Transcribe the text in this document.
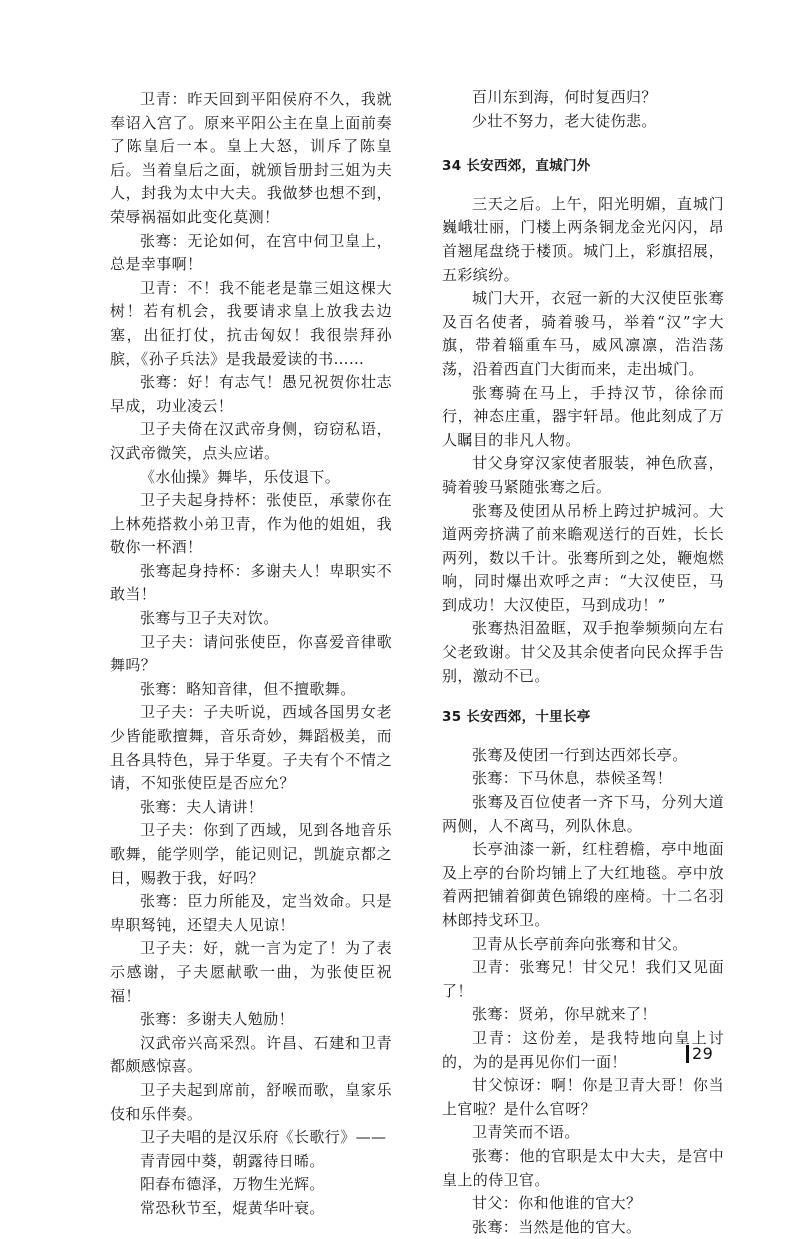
卫青：昨天回到平阳侯府不久，我就奉诏入宫了。原来平阳公主在皇上面前奏了陈皇后一本。皇上大怒，训斥了陈皇后。当着皇后之面，就颁旨册封三姐为夫人，封我为太中大夫。我做梦也想不到，荣辱祸福如此变化莫测！

张骞：无论如何，在宫中伺卫皇上，总是幸事啊！

卫青：不！我不能老是靠三姐这棵大树！若有机会，我要请求皇上放我去边塞，出征打仗，抗击匈奴！我很崇拜孙膑，《孙子兵法》是我最爱读的书……

张骞：好！有志气！愚兄祝贺你壮志早成，功业凌云！

卫子夫倚在汉武帝身侧，窃窃私语，汉武帝微笑，点头应诺。

《水仙操》舞毕，乐伎退下。

卫子夫起身持杯：张使臣，承蒙你在上林苑搭救小弟卫青，作为他的姐姐，我敬你一杯酒！

张骞起身持杯：多谢夫人！卑职实不敢当！

张骞与卫子夫对饮。

卫子夫：请问张使臣，你喜爱音律歌舞吗？

张骞：略知音律，但不擅歌舞。

卫子夫：子夫听说，西域各国男女老少皆能歌擅舞，音乐奇妙，舞蹈极美，而且各具特色，异于华夏。子夫有个不情之请，不知张使臣是否应允？

张骞：夫人请讲！

卫子夫：你到了西域，见到各地音乐歌舞，能学则学，能记则记，凯旋京都之日，赐教于我，好吗？

张骞：臣力所能及，定当效命。只是卑职驽钝，还望夫人见谅！

卫子夫：好，就一言为定了！为了表示感谢，子夫愿献歌一曲，为张使臣祝福！

张骞：多谢夫人勉励！

汉武帝兴高采烈。许昌、石建和卫青都颇感惊喜。

卫子夫起到席前，舒喉而歌，皇家乐伎和乐伴奏。

卫子夫唱的是汉乐府《长歌行》——

青青园中葵，朝露待日晞。

阳春布德泽，万物生光辉。

常恐秋节至，焜黄华叶衰。

百川东到海，何时复西归？

少壮不努力，老大徒伤悲。

34 长安西郊，直城门外

三天之后。上午，阳光明媚，直城门巍峨壮丽，门楼上两条铜龙金光闪闪，昂首翘尾盘绕于楼顶。城门上，彩旗招展，五彩缤纷。

城门大开，衣冠一新的大汉使臣张骞及百名使者，骑着骏马，举着“汉”字大旗，带着辎重车马，威风凛凛，浩浩荡荡，沿着西直门大街而来，走出城门。

张骞骑在马上，手持汉节，徐徐而行，神态庄重，器宇轩昂。他此刻成了万人瞩目的非凡人物。

甘父身穿汉家使者服装，神色欣喜，骑着骏马紧随张骞之后。

张骞及使团从吊桥上跨过护城河。大道两旁挤满了前来瞻观送行的百姓，长长两列，数以千计。张骞所到之处，鞭炮燃响，同时爆出欢呼之声：“大汉使臣，马到成功！大汉使臣，马到成功！”

张骞热泪盈眶，双手抱拳频频向左右父老致谢。甘父及其余使者向民众挥手告别，激动不已。

35 长安西郊，十里长亭

张骞及使团一行到达西郊长亭。

张骞：下马休息，恭候圣驾！

张骞及百位使者一齐下马，分列大道两侧，人不离马，列队休息。

长亭油漆一新，红柱碧檐，亭中地面及上亭的台阶均铺上了大红地毯。亭中放着两把铺着御黄色锦缎的座椅。十二名羽林郎持戈环卫。

卫青从长亭前奔向张骞和甘父。

卫青：张骞兄！甘父兄！我们又见面了！

张骞：贤弟，你早就来了！

卫青：这份差，是我特地向皇上讨的，为的是再见你们一面！

甘父惊讶：啊！你是卫青大哥！你当上官啦？是什么官呀？

卫青笑而不语。

张骞：他的官职是太中大夫，是宫中皇上的侍卫官。

甘父：你和他谁的官大？

张骞：当然是他的官大。

29
